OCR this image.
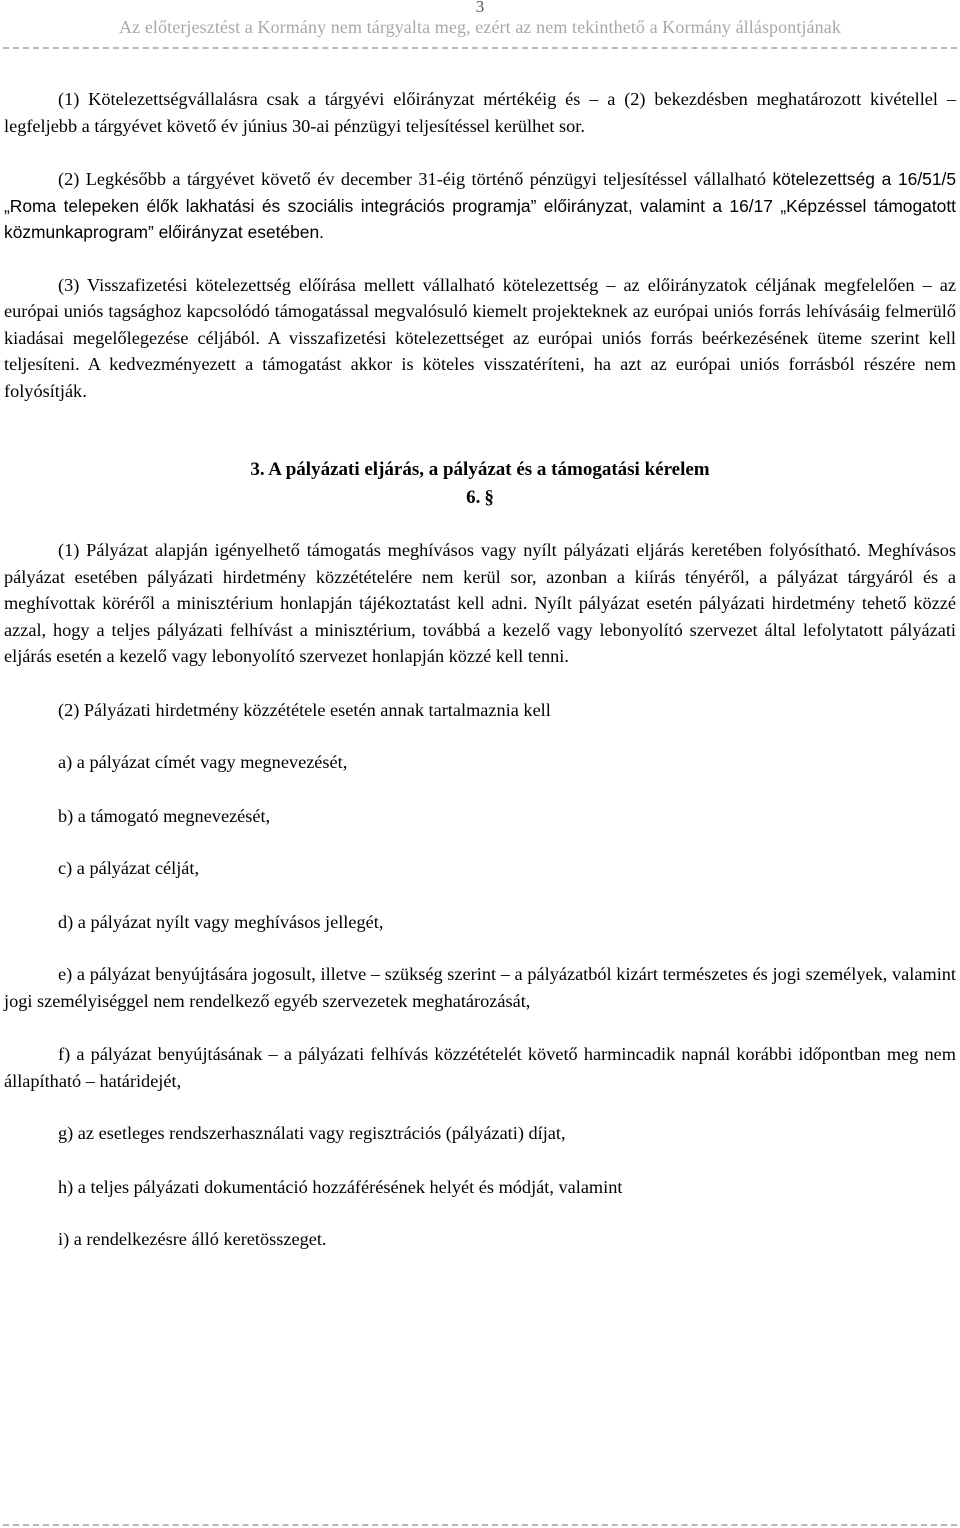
3
Az előterjesztést a Kormány nem tárgyalta meg, ezért az nem tekinthető a Kormány álláspontjának

(1) Kötelezettségvállalásra csak a tárgyévi előirányzat mértékéig és – a (2) bekezdésben meghatározott kivétellel – legfeljebb a tárgyévet követő év június 30-ai pénzügyi teljesítéssel kerülhet sor.

(2) Legkésőbb a tárgyévet követő év december 31-éig történő pénzügyi teljesítéssel vállalható kötelezettség a 16/51/5 „Roma telepeken élők lakhatási és szociális integrációs programja” előirányzat, valamint a 16/17 „Képzéssel támogatott közmunkaprogram” előirányzat esetében.

(3) Visszafizetési kötelezettség előírása mellett vállalható kötelezettség – az előirányzatok céljának megfelelően – az európai uniós tagsághoz kapcsolódó támogatással megvalósuló kiemelt projekteknek az európai uniós forrás lehívásáig felmerülő kiadásai megelőlegezése céljából. A visszafizetési kötelezettséget az európai uniós forrás beérkezésének üteme szerint kell teljesíteni. A kedvezményezett a támogatást akkor is köteles visszatéríteni, ha azt az európai uniós forrásból részére nem folyósítják.

3. A pályázati eljárás, a pályázat és a támogatási kérelem
6. §

(1) Pályázat alapján igényelhető támogatás meghívásos vagy nyílt pályázati eljárás keretében folyósítható. Meghívásos pályázat esetében pályázati hirdetmény közzétételére nem kerül sor, azonban a kiírás tényéről, a pályázat tárgyáról és a meghívottak köréről a minisztérium honlapján tájékoztatást kell adni. Nyílt pályázat esetén pályázati hirdetmény tehető közzé azzal, hogy a teljes pályázati felhívást a minisztérium, továbbá a kezelő vagy lebonyolító szervezet által lefolytatott pályázati eljárás esetén a kezelő vagy lebonyolító szervezet honlapján közzé kell tenni.

(2) Pályázati hirdetmény közzététele esetén annak tartalmaznia kell

a) a pályázat címét vagy megnevezését,

b) a támogató megnevezését,

c) a pályázat célját,

d) a pályázat nyílt vagy meghívásos jellegét,

e) a pályázat benyújtására jogosult, illetve – szükség szerint – a pályázatból kizárt természetes és jogi személyek, valamint jogi személyiséggel nem rendelkező egyéb szervezetek meghatározását,

f) a pályázat benyújtásának – a pályázati felhívás közzétételét követő harmincadik napnál korábbi időpontban meg nem állapítható – határidejét,

g) az esetleges rendszerhasználati vagy regisztrációs (pályázati) díjat,

h) a teljes pályázati dokumentáció hozzáférésének helyét és módját, valamint

i) a rendelkezésre álló keretösszeget.
